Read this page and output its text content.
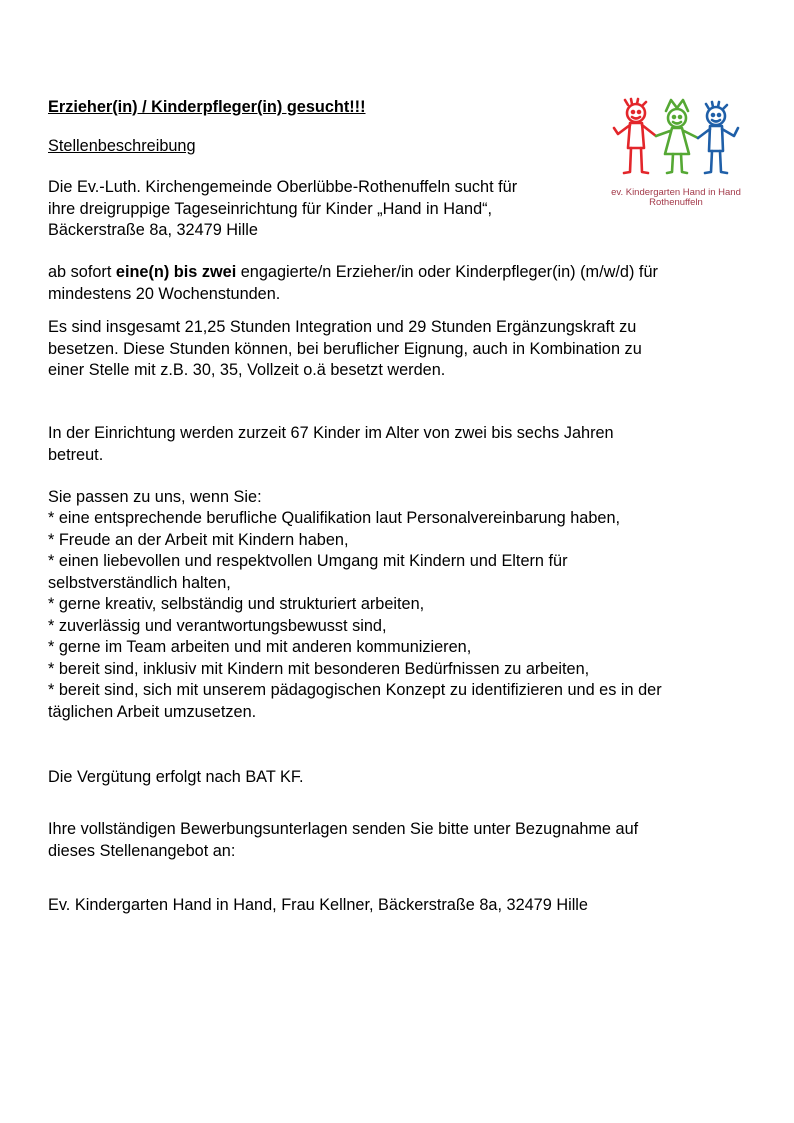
Erzieher(in) / Kinderpfleger(in) gesucht!!!

Stellenbeschreibung

Die Ev.-Luth. Kirchengemeinde Oberlübbe-Rothenuffeln sucht für
ihre dreigruppige Tageseinrichtung für Kinder „Hand in Hand“,
Bäckerstraße 8a, 32479 Hille
ab sofort eine(n) bis zwei engagierte/n Erzieher/in oder Kinderpfleger(in) (m/w/d) für
mindestens 20 Wochenstunden.
Es sind insgesamt 21,25 Stunden Integration und 29 Stunden Ergänzungskraft zu
besetzen. Diese Stunden können, bei beruflicher Eignung, auch in Kombination zu
einer Stelle mit z.B. 30, 35, Vollzeit o.ä besetzt werden.
In der Einrichtung werden zurzeit 67 Kinder im Alter von zwei bis sechs Jahren
betreut.

Sie passen zu uns, wenn Sie:

* eine entsprechende berufliche Qualifikation laut Personalvereinbarung haben,
* Freude an der Arbeit mit Kindern haben,
* einen liebevollen und respektvollen Umgang mit Kindern und Eltern für
selbstverständlich halten,
* gerne kreativ, selbständig und strukturiert arbeiten,
* zuverlässig und verantwortungsbewusst sind,
* gerne im Team arbeiten und mit anderen kommunizieren,
* bereit sind, inklusiv mit Kindern mit besonderen Bedürfnissen zu arbeiten,
* bereit sind, sich mit unserem pädagogischen Konzept zu identifizieren und es in der
täglichen Arbeit umzusetzen.

Die Vergütung erfolgt nach BAT KF.

Ihre vollständigen Bewerbungsunterlagen senden Sie bitte unter Bezugnahme auf
dieses Stellenangebot an:

Ev. Kindergarten Hand in Hand, Frau Kellner, Bäckerstraße 8a, 32479 Hille

ev. Kindergarten Hand in Hand
Rothenuffeln
